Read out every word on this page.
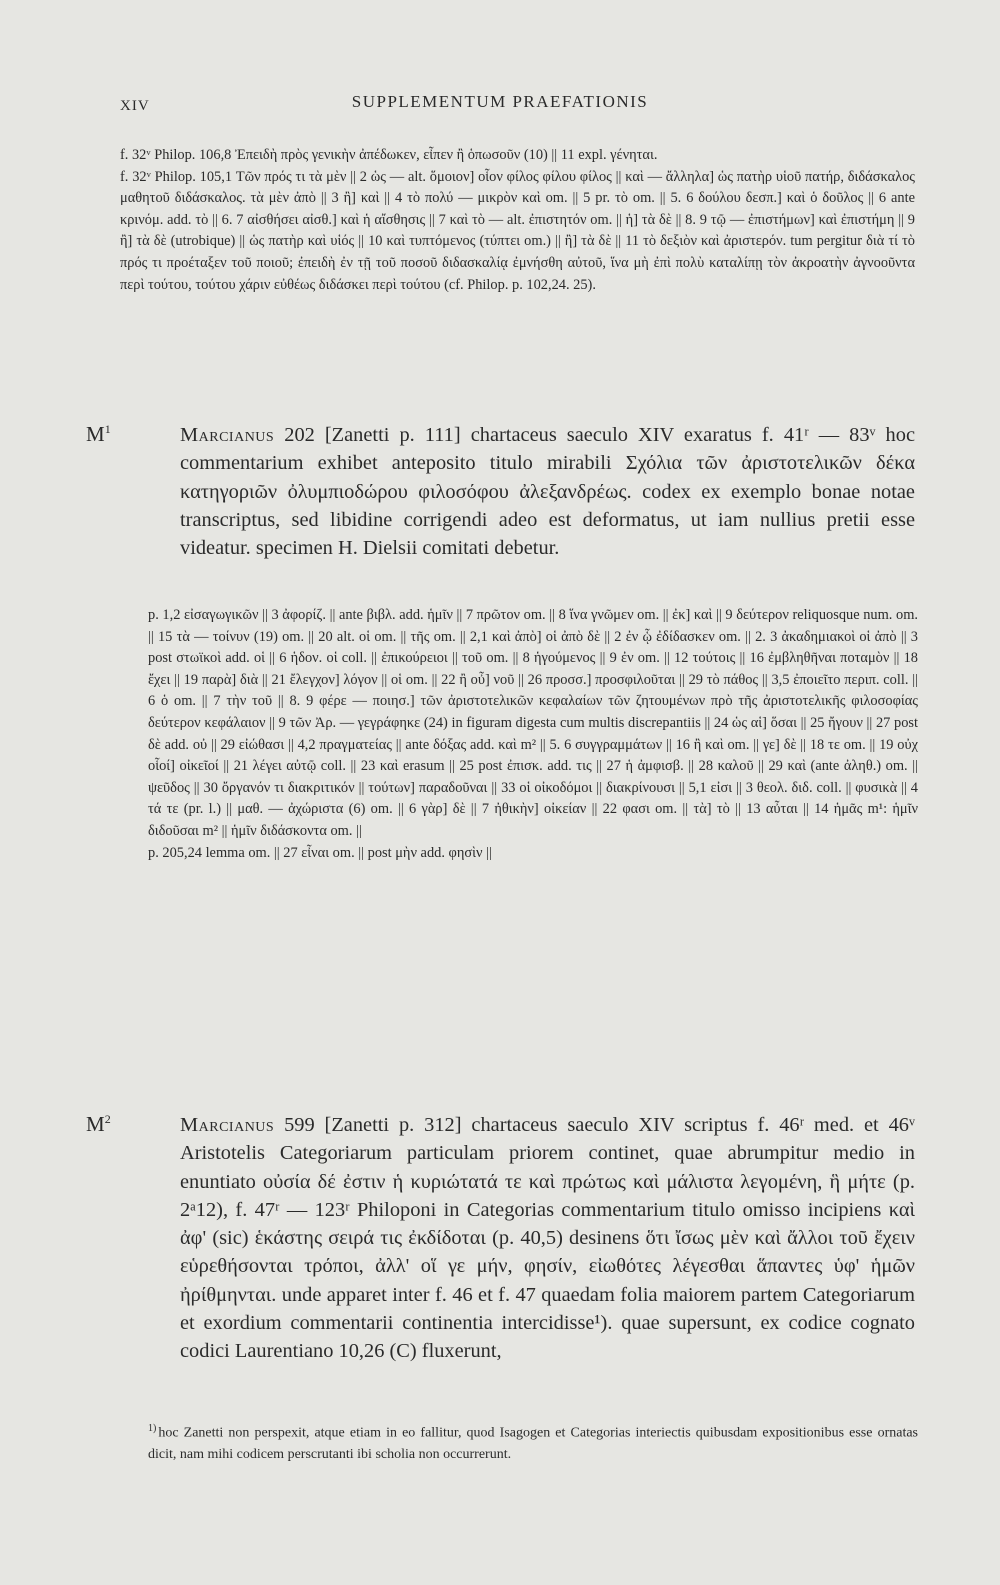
XIV	SUPPLEMENTUM PRAEFATIONIS

f. 32ᵛ Philop. 106,8 Ἐπειδὴ πρὸς γενικὴν ἀπέδωκεν, εἶπεν ἢ ὁπωσοῦν (10) || 11 expl. γένηται.

f. 32ᵛ Philop. 105,1 Τῶν πρός τι τὰ μὲν || 2 ὡς — alt. ὅμοιον] οἷον φίλος φίλου φίλος || καὶ — ἄλληλα] ὡς πατὴρ υἱοῦ πατήρ, διδάσκαλος μαθητοῦ διδάσκαλος. τὰ μὲν ἀπὸ || 3 ἢ] καὶ || 4 τὸ πολύ — μικρὸν καὶ om. || 5 pr. τὸ om. || 5. 6 δούλου δεσπ.] καὶ ὁ δοῦλος || 6 ante κρινόμ. add. τὸ || 6. 7 αἰσθήσει αἰσθ.] καὶ ἡ αἴσθησις || 7 καὶ τὸ — alt. ἐπιστητόν om. || ἡ] τὰ δὲ || 8. 9 τῷ — ἐπιστήμων] καὶ ἐπιστήμη || 9 ἢ] τὰ δὲ (utrobique) || ὡς πατὴρ καὶ υἱός || 10 καὶ τυπτόμενος (τύπτει om.) || ἢ] τὰ δὲ || 11 τὸ δεξιὸν καὶ ἀριστερόν. tum pergitur διὰ τί τὸ πρός τι προέταξεν τοῦ ποιοῦ; ἐπειδὴ ἐν τῇ τοῦ ποσοῦ διδασκαλίᾳ ἐμνήσθη αὐτοῦ, ἵνα μὴ ἐπὶ πολὺ καταλίπῃ τὸν ἀκροατὴν ἀγνοοῦντα περὶ τούτου, τούτου χάριν εὐθέως διδάσκει περὶ τούτου (cf. Philop. p. 102,24. 25).

$M^1$	Marcianus 202 [Zanetti p. 111] chartaceus saeculo XIV exaratus f. 41ʳ — 83ᵛ hoc commentarium exhibet anteposito titulo mirabili Σχόλια τῶν ἀριστοτελικῶν δέκα κατηγοριῶν ὀλυμπιοδώρου φιλοσόφου ἀλεξανδρέως. codex ex exemplo bonae notae transcriptus, sed libidine corrigendi adeo est deformatus, ut iam nullius pretii esse videatur. specimen H. Dielsii comitati debetur.

p. 1,2 εἰσαγωγικῶν || 3 ἀφορίζ. || ante βιβλ. add. ἡμῖν || 7 πρῶτον om. || 8 ἵνα γνῶμεν om. || ἐκ] καὶ || 9 δεύτερον reliquosque num. om. || 15 τὰ — τοίνυν (19) om. || 20 alt. οἱ om. || τῆς om. || 2,1 καὶ ἀπὸ] οἱ ἀπὸ δὲ || 2 ἐν ᾧ ἐδίδασκεν om. || 2. 3 ἀκαδημιακοὶ οἱ ἀπὸ || 3 post στωϊκοὶ add. οἱ || 6 ἡδον. οἱ coll. || ἐπικούρειοι || τοῦ om. || 8 ἡγούμενος || 9 ἐν om. || 12 τούτοις || 16 ἐμβληθῆναι ποταμὸν || 18 ἔχει || 19 παρὰ] διὰ || 21 ἔλεγχον] λόγον || οἱ om. || 22 ἢ οὖ] νοῦ || 26 προσσ.] προσφιλοῦται || 29 τὸ πάθος || 3,5 ἐποιεῖτο περιπ. coll. || 6 ὁ om. || 7 τὴν τοῦ || 8. 9 φέρε — ποιησ.] τῶν ἀριστοτελικῶν κεφαλαίων τῶν ζητουμένων πρὸ τῆς ἀριστοτελικῆς φιλοσοφίας δεύτερον κεφάλαιον || 9 τῶν Ἀρ. — γεγράφηκε (24) in figuram digesta cum multis discrepantiis || 24 ὡς αἱ] ὅσαι || 25 ἤγουν || 27 post δὲ add. οὐ || 29 εἰώθασι || 4,2 πραγματείας || ante δόξας add. καὶ m² || 5. 6 συγγραμμάτων || 16 ἢ καὶ om. || γε] δὲ || 18 τε om. || 19 οὐχ οἷοί] οἰκεῖοί || 21 λέγει αὐτῷ coll. || 23 καὶ erasum || 25 post ἐπισκ. add. τις || 27 ἡ ἀμφισβ. || 28 καλοῦ || 29 καὶ (ante ἀληθ.) om. || ψεῦδος || 30 ὄργανόν τι διακριτικόν || τούτων] παραδοῦναι || 33 οἱ οἰκοδόμοι || διακρίνουσι || 5,1 εἰσι || 3 θεολ. διδ. coll. || φυσικὰ || 4 τά τε (pr. l.) || μαθ. — ἀχώριστα (6) om. || 6 γὰρ] δὲ || 7 ἠθικὴν] οἰκείαν || 22 φασι om. || τὰ] τὸ || 13 αὖται || 14 ἡμᾶς m¹: ἡμῖν διδοῦσαι m² || ἡμῖν διδάσκοντα om. ||

p. 205,24 lemma om. || 27 εἶναι om. || post μὴν add. φησὶν ||

$M^2$	Marcianus 599 [Zanetti p. 312] chartaceus saeculo XIV scriptus f. 46ʳ med. et 46ᵛ Aristotelis Categoriarum particulam priorem continet, quae abrumpitur medio in enuntiato οὐσία δέ ἐστιν ἡ κυριώτατά τε καὶ πρώτως καὶ μάλιστα λεγομένη, ἣ μήτε (p. 2ᵃ12), f. 47ʳ — 123ʳ Philoponi in Categorias commentarium titulo omisso incipiens καὶ ἀφ' (sic) ἑκάστης σειρά τις ἐκδίδοται (p. 40,5) desinens ὅτι ἴσως μὲν καὶ ἄλλοι τοῦ ἔχειν εὑρεθήσονται τρόποι, ἀλλ' οἵ γε μήν, φησίν, εἰωθότες λέγεσθαι ἅπαντες ὑφ' ἡμῶν ἠρίθμηνται. unde apparet inter f. 46 et f. 47 quaedam folia maiorem partem Categoriarum et exordium commentarii continentia intercidisse¹). quae supersunt, ex codice cognato codici Laurentiano 10,26 (C) fluxerunt,

$^{1)}$ hoc Zanetti non perspexit, atque etiam in eo fallitur, quod Isagogen et Categorias interiectis quibusdam expositionibus esse ornatas dicit, nam mihi codicem perscrutanti ibi scholia non occurrerunt.
